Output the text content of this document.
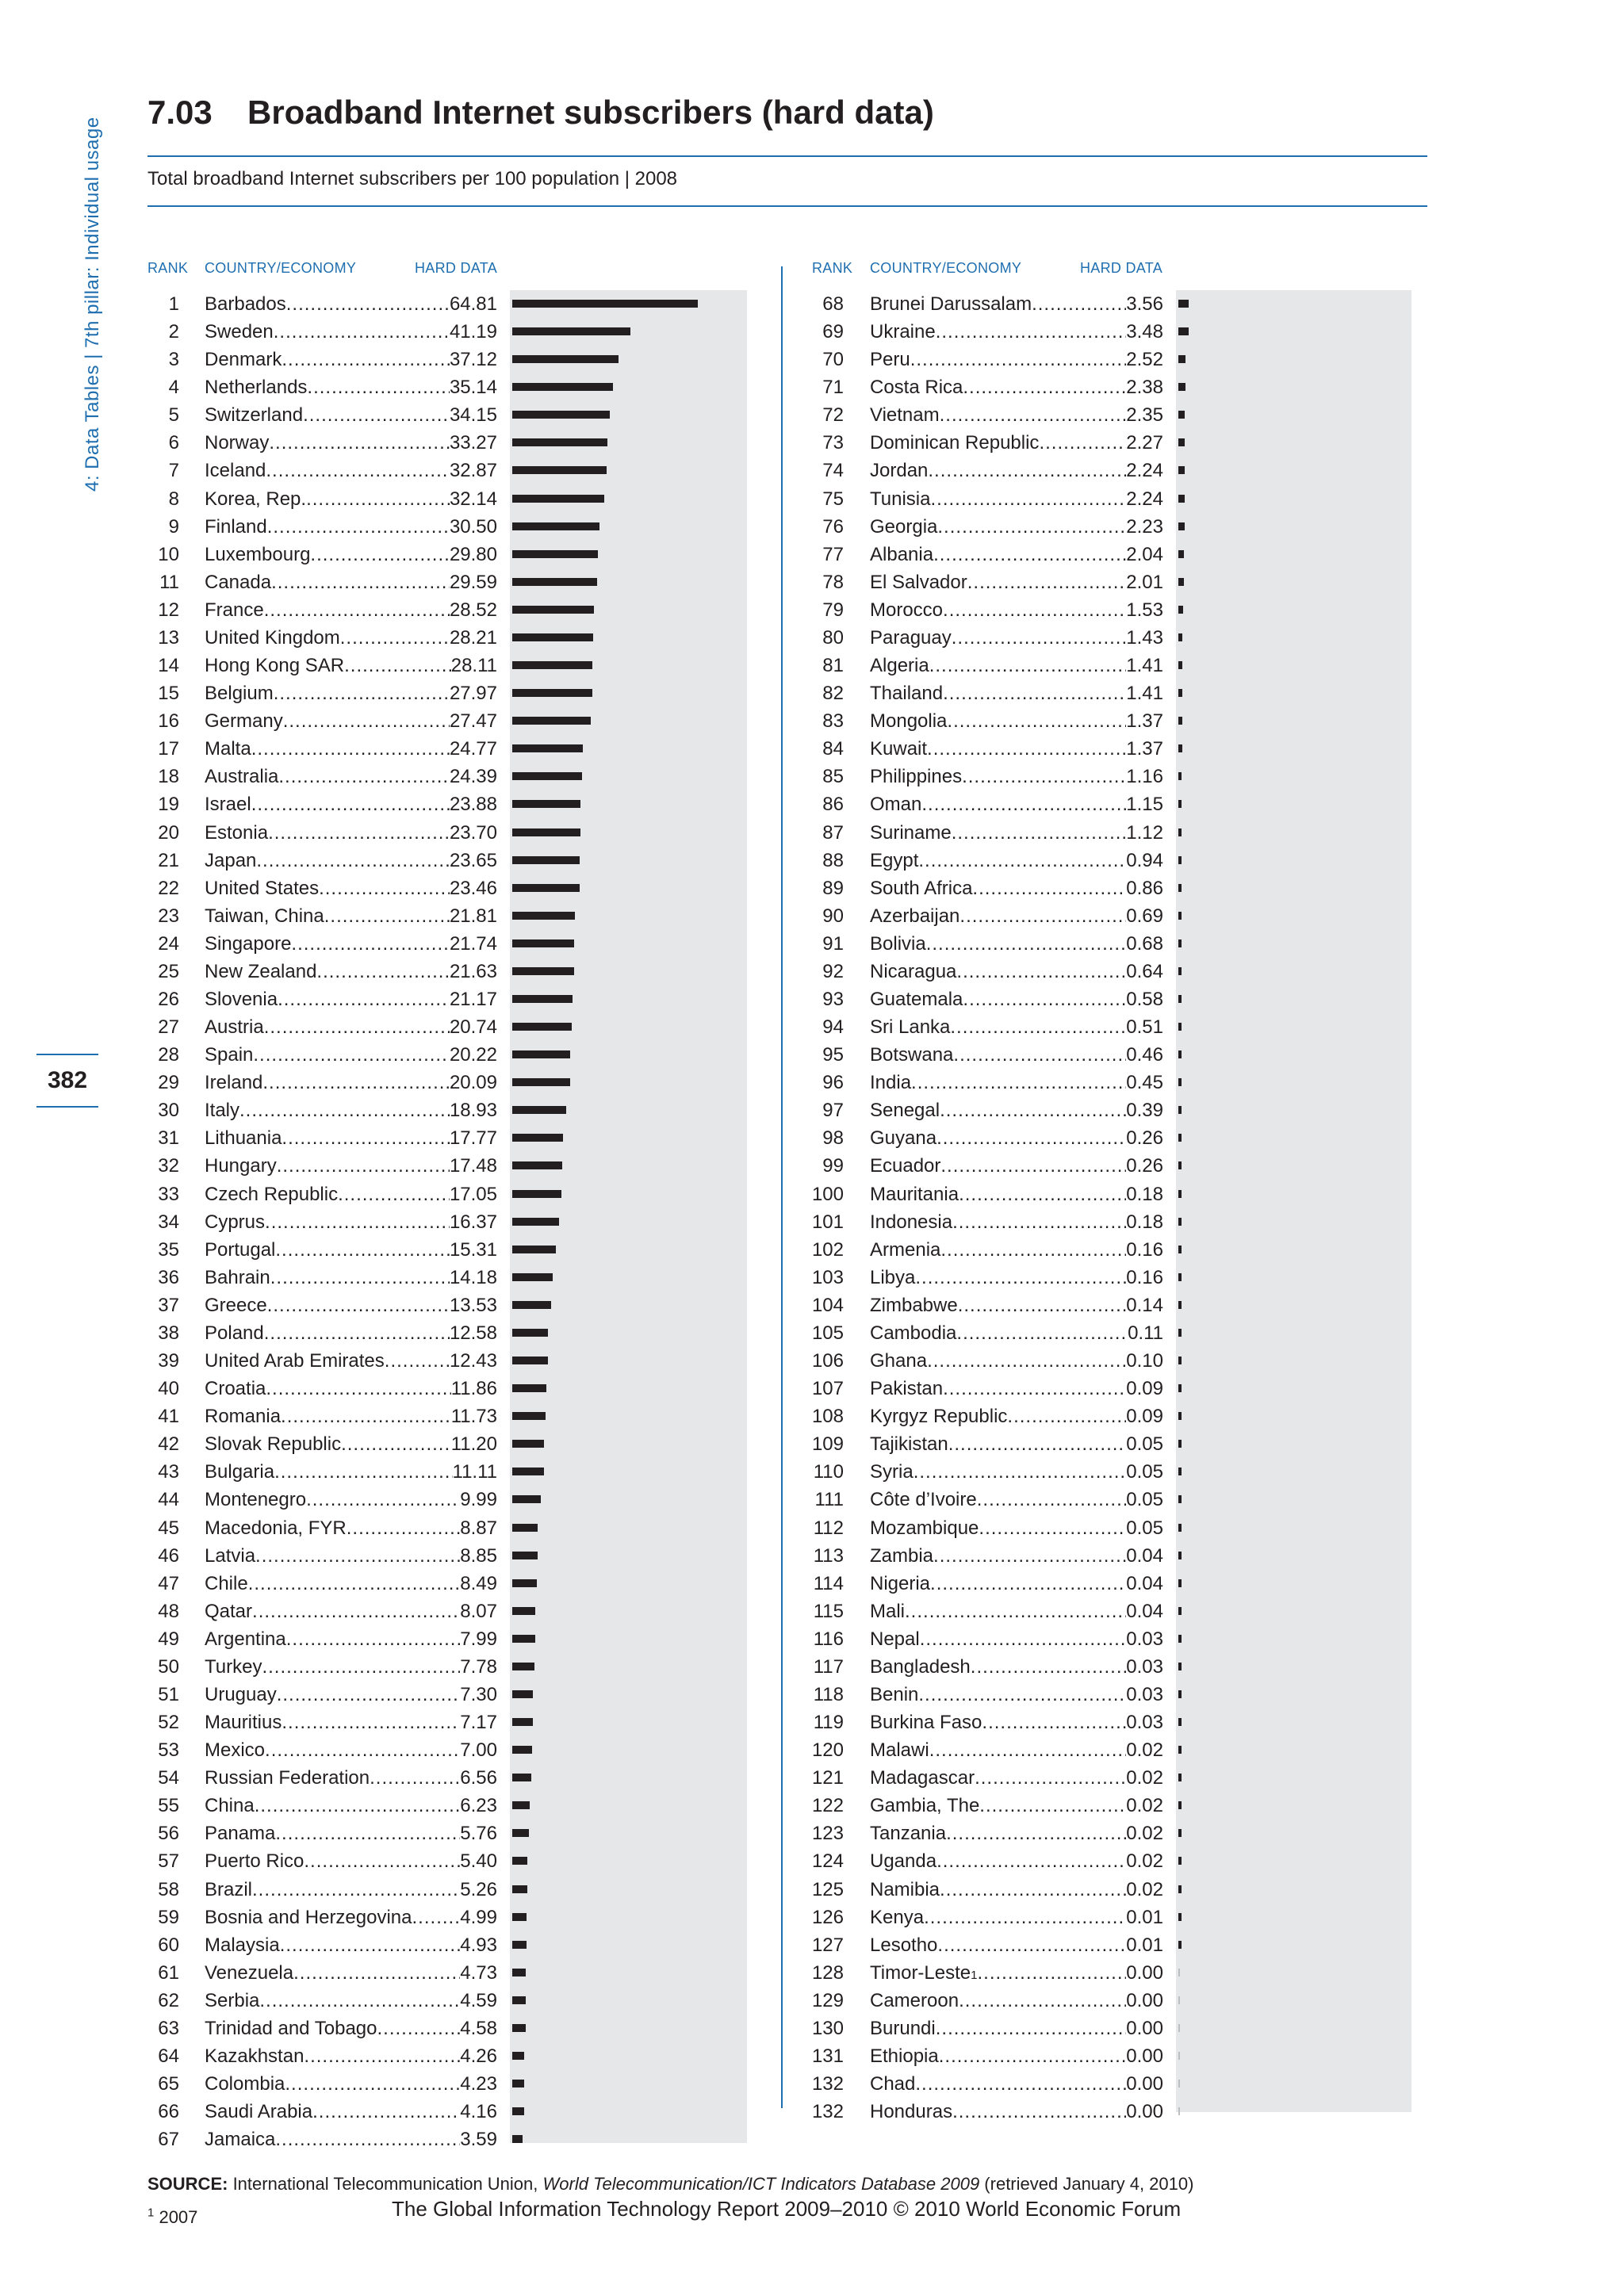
4: Data Tables | 7th pillar: Individual usage
382
7.03 Broadband Internet subscribers (hard data)
Total broadband Internet subscribers per 100 population | 2008
RANK COUNTRY/ECONOMY	HARD DATA	RANK COUNTRY/ECONOMY	HARD DATA
1 Barbados .....	64.81
2 Sweden .....	41.19
3 Denmark .....	37.12
4 Netherlands .....	35.14
5 Switzerland .....	34.15
6 Norway .....	33.27
7 Iceland .....	32.87
8 Korea, Rep. .....	32.14
9 Finland .....	30.50
10 Luxembourg .....	29.80
11 Canada .....	29.59
12 France .....	28.52
13 United Kingdom .....	28.21
14 Hong Kong SAR .....	28.11
15 Belgium .....	27.97
16 Germany .....	27.47
17 Malta .....	24.77
18 Australia .....	24.39
19 Israel .....	23.88
20 Estonia .....	23.70
21 Japan .....	23.65
22 United States .....	23.46
23 Taiwan, China .....	21.81
24 Singapore .....	21.74
25 New Zealand .....	21.63
26 Slovenia .....	21.17
27 Austria .....	20.74
28 Spain .....	20.22
29 Ireland .....	20.09
30 Italy .....	18.93
31 Lithuania .....	17.77
32 Hungary .....	17.48
33 Czech Republic .....	17.05
34 Cyprus .....	16.37
35 Portugal .....	15.31
36 Bahrain .....	14.18
37 Greece .....	13.53
38 Poland .....	12.58
39 United Arab Emirates .....	12.43
40 Croatia .....	11.86
41 Romania .....	11.73
42 Slovak Republic .....	11.20
43 Bulgaria .....	11.11
44 Montenegro .....	9.99
45 Macedonia, FYR .....	8.87
46 Latvia .....	8.85
47 Chile .....	8.49
48 Qatar .....	8.07
49 Argentina .....	7.99
50 Turkey .....	7.78
51 Uruguay .....	7.30
52 Mauritius .....	7.17
53 Mexico .....	7.00
54 Russian Federation .....	6.56
55 China .....	6.23
56 Panama .....	5.76
57 Puerto Rico .....	5.40
58 Brazil .....	5.26
59 Bosnia and Herzegovina .....	4.99
60 Malaysia .....	4.93
61 Venezuela .....	4.73
62 Serbia .....	4.59
63 Trinidad and Tobago .....	4.58
64 Kazakhstan .....	4.26
65 Colombia .....	4.23
66 Saudi Arabia .....	4.16
67 Jamaica .....	3.59
68 Brunei Darussalam .....	3.56
69 Ukraine .....	3.48
70 Peru .....	2.52
71 Costa Rica .....	2.38
72 Vietnam .....	2.35
73 Dominican Republic .....	2.27
74 Jordan .....	2.24
75 Tunisia .....	2.24
76 Georgia .....	2.23
77 Albania .....	2.04
78 El Salvador .....	2.01
79 Morocco .....	1.53
80 Paraguay .....	1.43
81 Algeria .....	1.41
82 Thailand .....	1.41
83 Mongolia .....	1.37
84 Kuwait .....	1.37
85 Philippines .....	1.16
86 Oman .....	1.15
87 Suriname .....	1.12
88 Egypt .....	0.94
89 South Africa .....	0.86
90 Azerbaijan .....	0.69
91 Bolivia .....	0.68
92 Nicaragua .....	0.64
93 Guatemala .....	0.58
94 Sri Lanka .....	0.51
95 Botswana .....	0.46
96 India .....	0.45
97 Senegal .....	0.39
98 Guyana .....	0.26
99 Ecuador .....	0.26
100 Mauritania .....	0.18
101 Indonesia .....	0.18
102 Armenia .....	0.16
103 Libya .....	0.16
104 Zimbabwe .....	0.14
105 Cambodia .....	0.11
106 Ghana .....	0.10
107 Pakistan .....	0.09
108 Kyrgyz Republic .....	0.09
109 Tajikistan .....	0.05
110 Syria .....	0.05
111 Côte d’Ivoire .....	0.05
112 Mozambique .....	0.05
113 Zambia .....	0.04
114 Nigeria .....	0.04
115 Mali .....	0.04
116 Nepal .....	0.03
117 Bangladesh .....	0.03
118 Benin .....	0.03
119 Burkina Faso .....	0.03
120 Malawi .....	0.02
121 Madagascar .....	0.02
122 Gambia, The .....	0.02
123 Tanzania .....	0.02
124 Uganda .....	0.02
125 Namibia .....	0.02
126 Kenya .....	0.01
127 Lesotho .....	0.01
128 Timor-Leste 1 .....	0.00
129 Cameroon .....	0.00
130 Burundi .....	0.00
131 Ethiopia .....	0.00
132 Chad .....	0.00
132 Honduras .....	0.00
SOURCE: International Telecommunication Union, World Telecommunication/ICT Indicators Database 2009 (retrieved January 4, 2010)
$^1$ 2007	The Global Information Technology Report 2009–2010 © 2010 World Economic Forum
